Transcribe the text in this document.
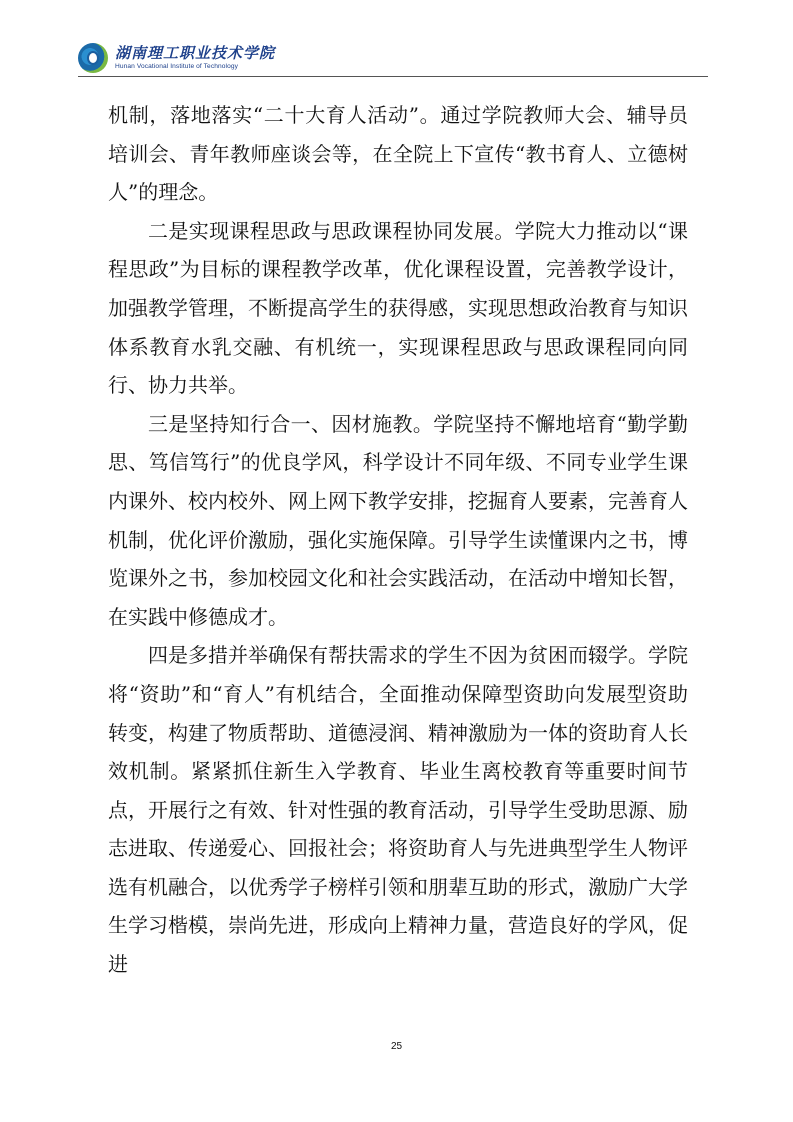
湖南理工职业技术学院
Hunan Vocational Institute of Technology

机制，落地落实“二十大育人活动”。通过学院教师大会、辅导员培训会、青年教师座谈会等，在全院上下宣传“教书育人、立德树人”的理念。

二是实现课程思政与思政课程协同发展。学院大力推动以“课程思政”为目标的课程教学改革，优化课程设置，完善教学设计，加强教学管理，不断提高学生的获得感，实现思想政治教育与知识体系教育水乳交融、有机统一，实现课程思政与思政课程同向同行、协力共举。

三是坚持知行合一、因材施教。学院坚持不懈地培育“勤学勤思、笃信笃行”的优良学风，科学设计不同年级、不同专业学生课内课外、校内校外、网上网下教学安排，挖掘育人要素，完善育人机制，优化评价激励，强化实施保障。引导学生读懂课内之书，博览课外之书，参加校园文化和社会实践活动，在活动中增知长智，在实践中修德成才。

四是多措并举确保有帮扶需求的学生不因为贫困而辍学。学院将“资助”和“育人”有机结合，全面推动保障型资助向发展型资助转变，构建了物质帮助、道德浸润、精神激励为一体的资助育人长效机制。紧紧抓住新生入学教育、毕业生离校教育等重要时间节点，开展行之有效、针对性强的教育活动，引导学生受助思源、励志进取、传递爱心、回报社会；将资助育人与先进典型学生人物评选有机融合，以优秀学子榜样引领和朋辈互助的形式，激励广大学生学习楷模，崇尚先进，形成向上精神力量，营造良好的学风，促进

25
